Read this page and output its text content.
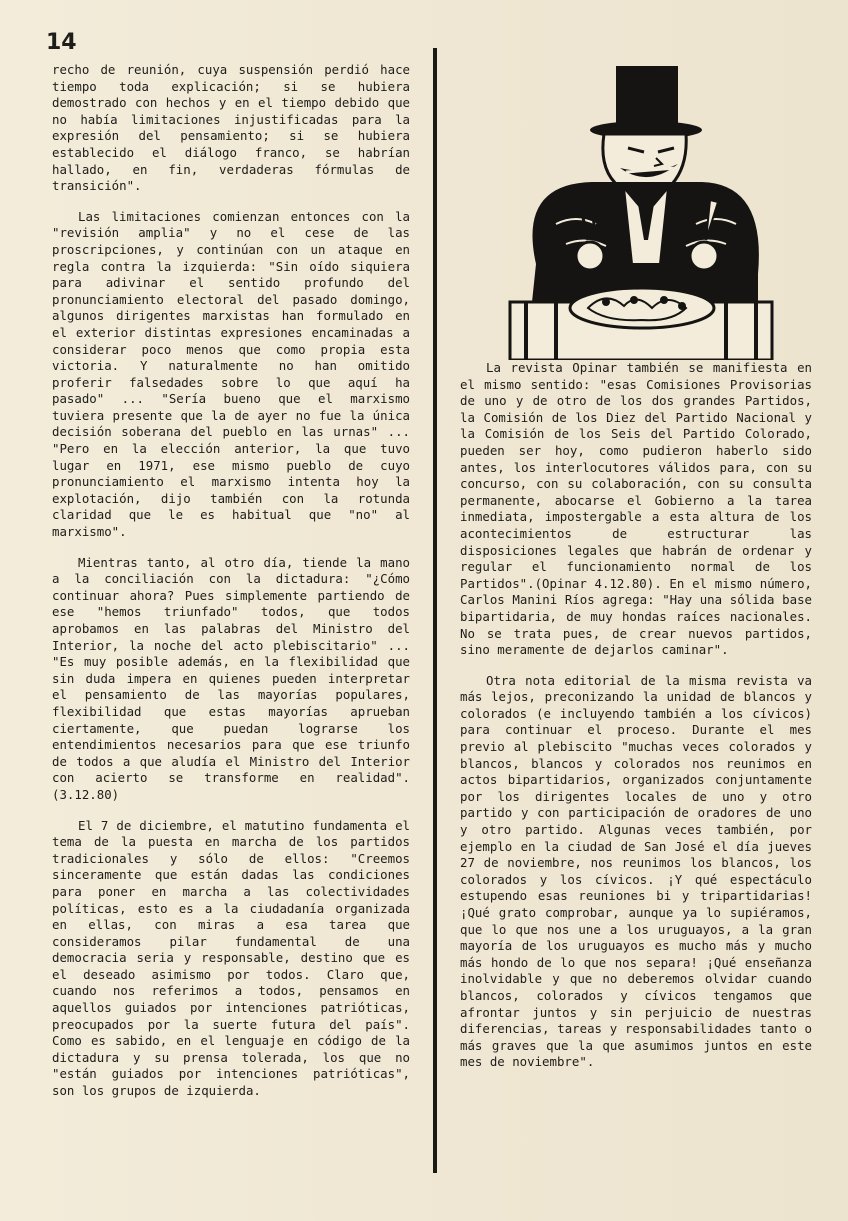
14

recho de reunión, cuya suspensión perdió hace tiempo toda explicación; si se hubiera demostrado con hechos y en el tiempo debido que no había limitaciones injustificadas para la expresión del pensamiento; si se hubiera establecido el diálogo franco, se habrían hallado, en fin, verdaderas fórmulas de transición".

Las limitaciones comienzan entonces con la "revisión amplia" y no el cese de las proscripciones, y continúan con un ataque en regla contra la izquierda: "Sin oído siquiera para adivinar el sentido profundo del pronunciamiento electoral del pasado domingo, algunos dirigentes marxistas han formulado en el exterior distintas expresiones encaminadas a considerar poco menos que como propia esta victoria. Y naturalmente no han omitido proferir falsedades sobre lo que aquí ha pasado" ... "Sería bueno que el marxismo tuviera presente que la de ayer no fue la única decisión soberana del pueblo en las urnas" ... "Pero en la elección anterior, la que tuvo lugar en 1971, ese mismo pueblo de cuyo pronunciamiento el marxismo intenta hoy la explotación, dijo también con la rotunda claridad que le es habitual que "no" al marxismo".

Mientras tanto, al otro día, tiende la mano a la conciliación con la dictadura: "¿Cómo continuar ahora? Pues simplemente partiendo de ese "hemos triunfado" todos, que todos aprobamos en las palabras del Ministro del Interior, la noche del acto plebiscitario" ... "Es muy posible además, en la flexibilidad que sin duda impera en quienes pueden interpretar el pensamiento de las mayorías populares, flexibilidad que estas mayorías aprueban ciertamente, que puedan lograrse los entendimientos necesarios para que ese triunfo de todos a que aludía el Ministro del Interior con acierto se transforme en realidad".(3.12.80)

El 7 de diciembre, el matutino fundamenta el tema de la puesta en marcha de los partidos tradicionales y sólo de ellos: "Creemos sinceramente que están dadas las condiciones para poner en marcha a las colectividades políticas, esto es a la ciudadanía organizada en ellas, con miras a esa tarea que consideramos pilar fundamental de una democracia seria y responsable, destino que es el deseado asimismo por todos. Claro que, cuando nos referimos a todos, pensamos en aquellos guiados por intenciones patrióticas, preocupados por la suerte futura del país". Como es sabido, en el lenguaje en código de la dictadura y su prensa tolerada, los que no "están guiados por intenciones patrióticas", son los grupos de izquierda.

La revista Opinar también se manifiesta en el mismo sentido: "esas Comisiones Provisorias de uno y de otro de los dos grandes Partidos, la Comisión de los Diez del Partido Nacional y la Comisión de los Seis del Partido Colorado, pueden ser hoy, como pudieron haberlo sido antes, los interlocutores válidos para, con su concurso, con su colaboración, con su consulta permanente, abocarse el Gobierno a la tarea inmediata, impostergable a esta altura de los acontecimientos de estructurar las disposiciones legales que habrán de ordenar y regular el funcionamiento normal de los Partidos".(Opinar 4.12.80). En el mismo número, Carlos Manini Ríos agrega: "Hay una sólida base bipartidaria, de muy hondas raíces nacionales. No se trata pues, de crear nuevos partidos, sino meramente de dejarlos caminar".

Otra nota editorial de la misma revista va más lejos, preconizando la unidad de blancos y colorados (e incluyendo también a los cívicos) para continuar el proceso. Durante el mes previo al plebiscito "muchas veces colorados y blancos, blancos y colorados nos reunimos en actos bipartidarios, organizados conjuntamente por los dirigentes locales de uno y otro partido y con participación de oradores de uno y otro partido. Algunas veces también, por ejemplo en la ciudad de San José el día jueves 27 de noviembre, nos reunimos los blancos, los colorados y los cívicos. ¡Y qué espectáculo estupendo esas reuniones bi y tripartidarias! ¡Qué grato comprobar, aunque ya lo supiéramos, que lo que nos une a los uruguayos, a la gran mayoría de los uruguayos es mucho más y mucho más hondo de lo que nos separa! ¡Qué enseñanza inolvidable y que no deberemos olvidar cuando blancos, colorados y cívicos tengamos que afrontar juntos y sin perjuicio de nuestras diferencias, tareas y responsabilidades tanto o más graves que la que asumimos juntos en este mes de noviembre".
